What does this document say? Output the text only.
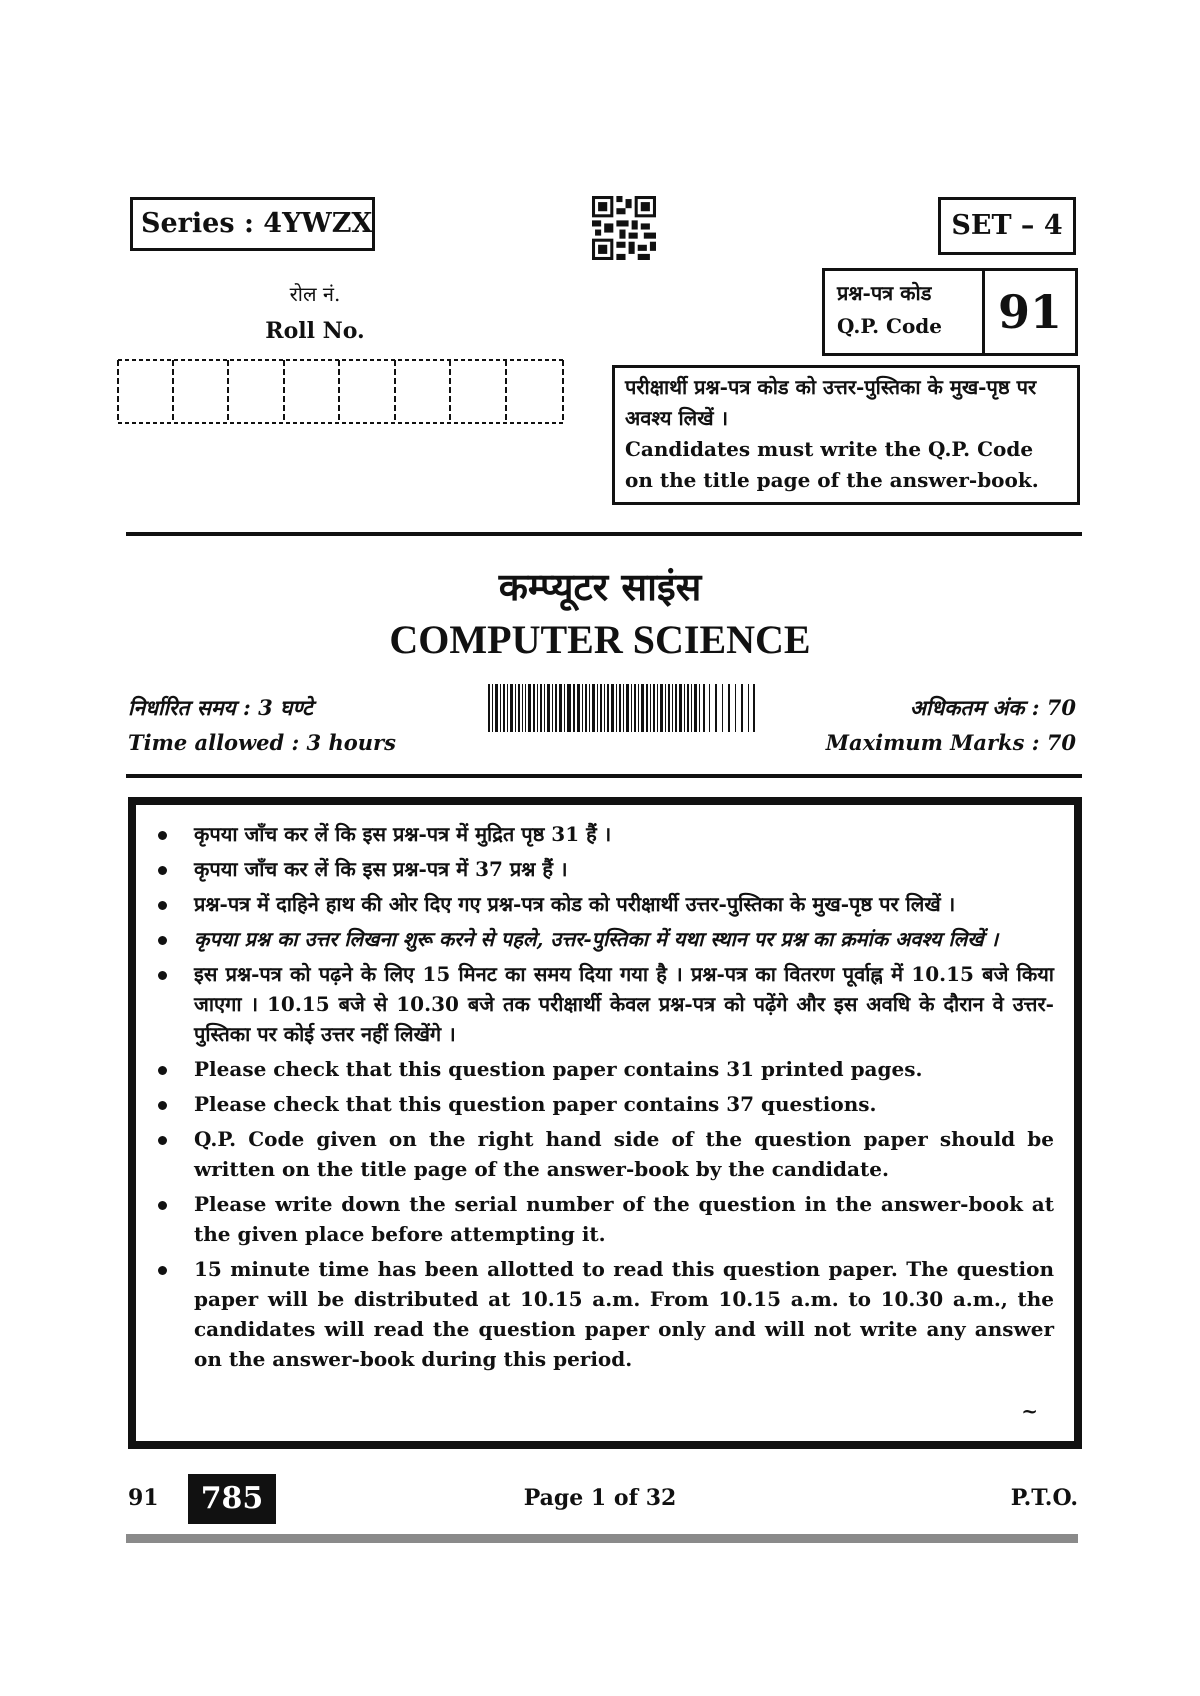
Series : 4YWZX	SET – 4
रोल नं.
Roll No.
प्रश्न-पत्र कोड
Q.P. Code	91
परीक्षार्थी प्रश्न-पत्र कोड को उत्तर-पुस्तिका के मुख-पृष्ठ पर अवश्य लिखें ।
Candidates must write the Q.P. Code on the title page of the answer-book.
कम्प्यूटर साइंस
COMPUTER SCIENCE
निर्धारित समय : 3 घण्टे
Time allowed : 3 hours
अधिकतम अंक : 70
Maximum Marks : 70
कृपया जाँच कर लें कि इस प्रश्न-पत्र में मुद्रित पृष्ठ 31 हैं ।
कृपया जाँच कर लें कि इस प्रश्न-पत्र में 37 प्रश्न हैं ।
प्रश्न-पत्र में दाहिने हाथ की ओर दिए गए प्रश्न-पत्र कोड को परीक्षार्थी उत्तर-पुस्तिका के मुख-पृष्ठ पर लिखें ।
कृपया प्रश्न का उत्तर लिखना शुरू करने से पहले, उत्तर-पुस्तिका में यथा स्थान पर प्रश्न का क्रमांक अवश्य लिखें ।
इस प्रश्न-पत्र को पढ़ने के लिए 15 मिनट का समय दिया गया है । प्रश्न-पत्र का वितरण पूर्वाह्न में 10.15 बजे किया जाएगा । 10.15 बजे से 10.30 बजे तक परीक्षार्थी केवल प्रश्न-पत्र को पढ़ेंगे और इस अवधि के दौरान वे उत्तर-पुस्तिका पर कोई उत्तर नहीं लिखेंगे ।
Please check that this question paper contains 31 printed pages.
Please check that this question paper contains 37 questions.
Q.P. Code given on the right hand side of the question paper should be written on the title page of the answer-book by the candidate.
Please write down the serial number of the question in the answer-book at the given place before attempting it.
15 minute time has been allotted to read this question paper. The question paper will be distributed at 10.15 a.m. From 10.15 a.m. to 10.30 a.m., the candidates will read the question paper only and will not write any answer on the answer-book during this period.
~
91	785	Page 1 of 32	P.T.O.
